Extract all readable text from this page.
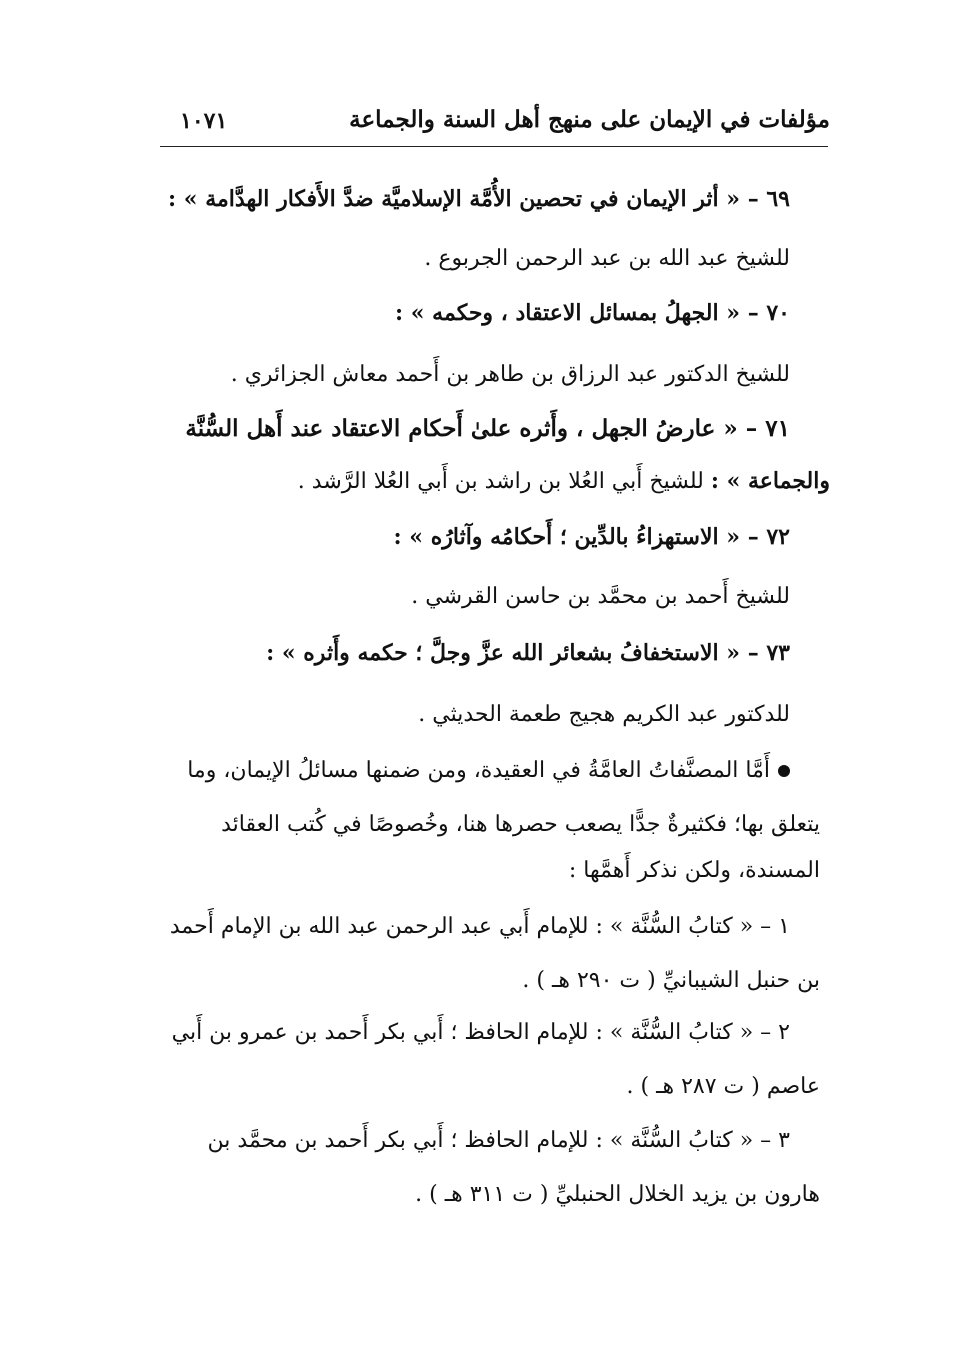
مؤلفات في الإيمان على منهج أهل السنة والجماعة
١٠٧١
٦٩ – « أثر الإيمان في تحصين الأُمَّة الإسلاميَّة ضدَّ الأَفكار الهدَّامة » :
للشيخ عبد الله بن عبد الرحمن الجربوع .
٧٠ – « الجهلُ بمسائل الاعتقاد ، وحكمه » :
للشيخ الدكتور عبد الرزاق بن طاهر بن أَحمد معاش الجزائري .
٧١ – « عارضُ الجهل ، وأَثره علىٰ أَحكام الاعتقاد عند أَهل السُّنَّة
والجماعة » : للشيخ أَبي العُلا بن راشد بن أَبي العُلا الرَّشد .
٧٢ – « الاستهزاءُ بالدِّين ؛ أَحكامُه وآثارُه » :
للشيخ أَحمد بن محمَّد بن حاسن القرشي .
٧٣ – « الاستخفافُ بشعائر الله عزَّ وجلَّ ؛ حكمه وأَثره » :
للدكتور عبد الكريم هجيج طعمة الحديثي .
أَمَّا المصنَّفاتُ العامَّةُ في العقيدة، ومن ضمنها مسائلُ الإيمان، وما
يتعلق بها؛ فكثيرةٌ جدًّا يصعب حصرها هنا، وخُصوصًا في كُتب العقائد
المسندة، ولكن نذكر أَهمَّها :
١ – « كتابُ السُّنَّة » : للإمام أَبي عبد الرحمن عبد الله بن الإمام أَحمد
بن حنبل الشيبانيِّ ( ت ٢٩٠ هـ ) .
٢ – « كتابُ السُّنَّة » : للإمام الحافظ ؛ أَبي بكر أَحمد بن عمرو بن أَبي
عاصم ( ت ٢٨٧ هـ ) .
٣ – « كتابُ السُّنَّة » : للإمام الحافظ ؛ أَبي بكر أَحمد بن محمَّد بن
هارون بن يزيد الخلال الحنبليِّ ( ت ٣١١ هـ ) .
